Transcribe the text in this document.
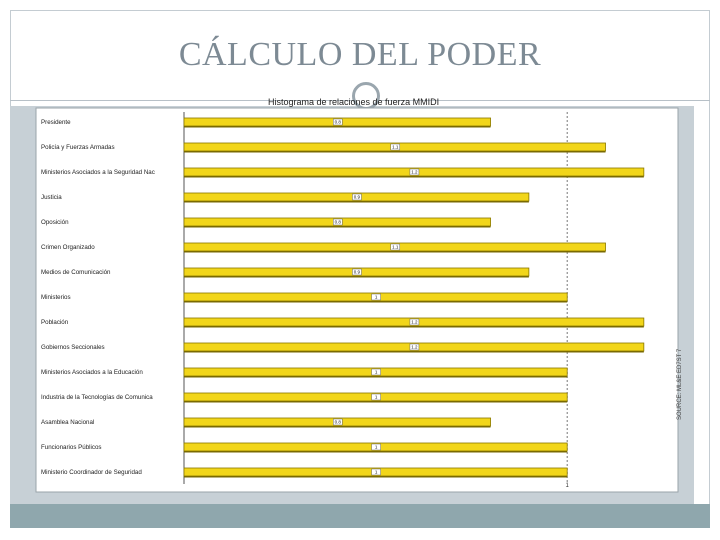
CÁLCULO DEL PODER
Histograma de relaciones de fuerza MMIDI
1
Presidente	0.8
Policía y Fuerzas Armadas	1.1
Ministerios Asociados a la Seguridad Nac	1.2
Justicia	0.9
Oposición	0.8
Crimen Organizado	1.1
Medios de Comunicación	0.9
Ministerios	1
Población	1.2
Gobiernos Seccionales	1.2
Ministerios Asociados a la Educación	1
Industria de la Tecnologías de Comunica	1
Asamblea Nacional	0.8
Funcionarios Públicos	1
Ministerio Coordinador de Seguridad	1
SOURCE: ML&E ED7ST 7
